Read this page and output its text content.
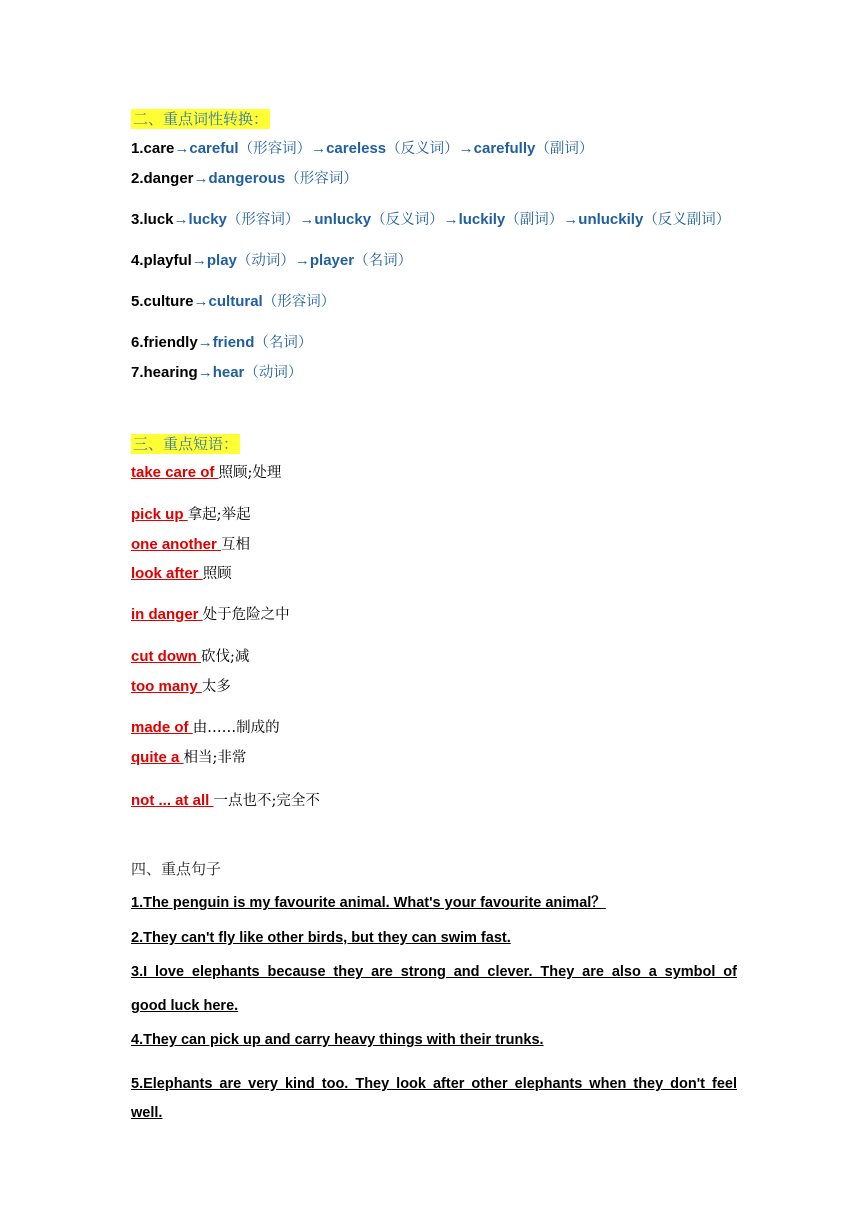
二、重点词性转换：
1.care→careful（形容词）→careless（反义词）→carefully（副词）
2.danger→dangerous（形容词）
3.luck→lucky（形容词）→unlucky（反义词）→luckily（副词）→unluckily（反义副词）
4.playful→play（动词）→player（名词）
5.culture→cultural（形容词）
6.friendly→friend（名词）
7.hearing→hear（动词）
三、重点短语：
take care of 照顾;处理
pick up 拿起;举起
one another 互相
look after 照顾
in danger 处于危险之中
cut down 砍伐;减
too many 太多
made of 由……制成的
quite a 相当;非常
not ... at all 一点也不;完全不
四、重点句子
1.The penguin is my favourite animal. What's your favourite animal？
2.They can't fly like other birds, but they can swim fast.
3.I love elephants because they are strong and clever. They are also a symbol of
good luck here.
4.They can pick up and carry heavy things with their trunks.
5.Elephants are very kind too. They look after other elephants when they don't feel
well.
